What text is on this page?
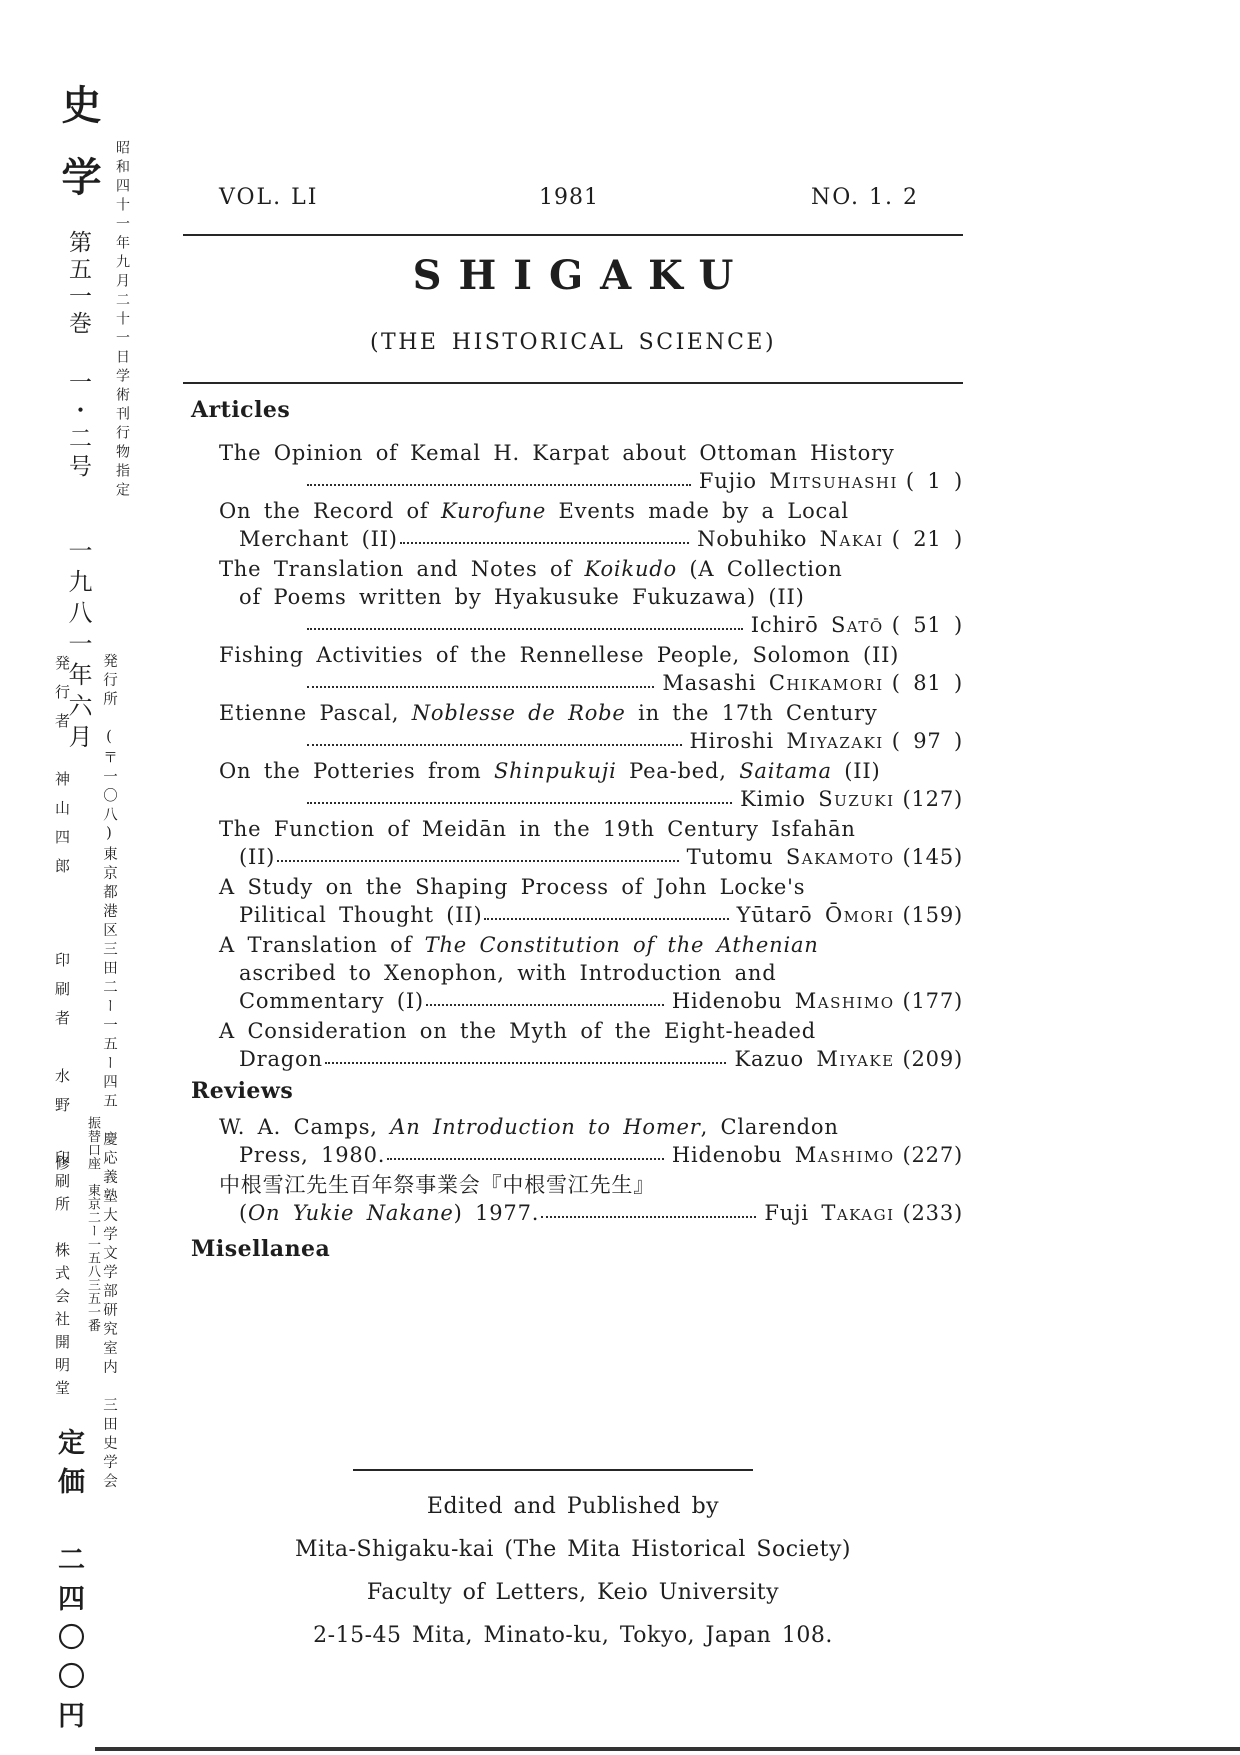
史学第五一巻一・二号一九八一年六月
昭和四十一年九月二十一日学術刊行物指定
発行所　(〒一〇八)東京都港区三田二ー一五ー四五　慶応義塾大学文学部研究室内　三田史学会
振替口座　東京二ー一五八三五一番
発行者　神山四郎
印刷者　水野　修
印刷所　株式会社開明堂
定価　二四〇〇円
VOL. LI	1981	NO. 1. 2
SHIGAKU
(THE HISTORICAL SCIENCE)
Articles
The Opinion of Kemal H. Karpat about Ottoman History
Fujio Mitsuhashi ( 1 )
On the Record of Kurofune Events made by a Local
Merchant (II)	Nobuhiko Nakai ( 21 )
The Translation and Notes of Koikudo (A Collection
of Poems written by Hyakusuke Fukuzawa) (II)
Ichirō Satō ( 51 )
Fishing Activities of the Rennellese People, Solomon (II)
Masashi Chikamori ( 81 )
Etienne Pascal, Noblesse de Robe in the 17th Century
Hiroshi Miyazaki ( 97 )
On the Potteries from Shinpukuji Pea-bed, Saitama (II)
Kimio Suzuki (127)
The Function of Meidān in the 19th Century Isfahān
(II)	Tutomu Sakamoto (145)
A Study on the Shaping Process of John Locke's
Pilitical Thought (II)	Yūtarō Ōmori (159)
A Translation of The Constitution of the Athenian
ascribed to Xenophon, with Introduction and
Commentary (I)	Hidenobu Mashimo (177)
A Consideration on the Myth of the Eight-headed
Dragon	Kazuo Miyake (209)
Reviews
W. A. Camps, An Introduction to Homer, Clarendon
Press, 1980.	Hidenobu Mashimo (227)
中根雪江先生百年祭事業会『中根雪江先生』
(On Yukie Nakane) 1977.	Fuji Takagi (233)
Misellanea
Edited and Published by
Mita-Shigaku-kai (The Mita Historical Society)
Faculty of Letters, Keio University
2-15-45 Mita, Minato-ku, Tokyo, Japan 108.
